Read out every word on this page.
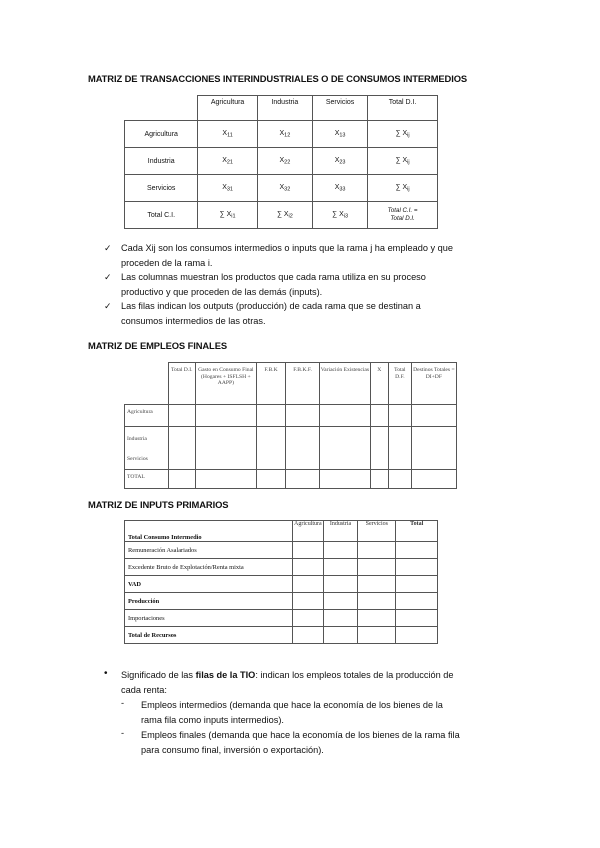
MATRIZ DE TRANSACCIONES INTERINDUSTRIALES O DE CONSUMOS INTERMEDIOS
	Agricultura	Industria	Servicios	Total D.I.
Agricultura	$X_{11}$	$X_{12}$	$X_{13}$	∑ $X_{ij}$
Industria	$X_{21}$	$X_{22}$	$X_{23}$	∑ $X_{ij}$
Servicios	$X_{31}$	$X_{32}$	$X_{33}$	∑ $X_{ij}$
Total C.I.	∑ $X_{i1}$	∑ $X_{i2}$	∑ $X_{i3}$	Total C.I. =
Total D.I.
✓ Cada Xij son los consumos intermedios o inputs que la rama j ha empleado y que
proceden de la rama i.
✓ Las columnas muestran los productos que cada rama utiliza en su proceso
productivo y que proceden de las demás (inputs).
✓ Las filas indican los outputs (producción) de cada rama que se destinan a
consumos intermedios de las otras.
MATRIZ DE EMPLEOS FINALES
	Total D.I.	Gasto en Consumo Final (Hogares + ISFLSH + AAPP)	F.B.K	F.B.K.F.	Variación Existencias	X	Total D.F.	Destinos Totales = DI+DF
Agricultura								
Industria
Servicios								
TOTAL								
MATRIZ DE INPUTS PRIMARIOS
Total Consumo Intermedio	Agricultura	Industria	Servicios	Total
Remuneración Asalariados				
Excedente Bruto de Explotación/Renta mixta				
VAD				
Producción				
Importaciones				
Total de Recursos				
• Significado de las filas de la TIO: indican los empleos totales de la producción de
cada renta:
- Empleos intermedios (demanda que hace la economía de los bienes de la
rama fila como inputs intermedios).
- Empleos finales (demanda que hace la economía de los bienes de la rama fila
para consumo final, inversión o exportación).
